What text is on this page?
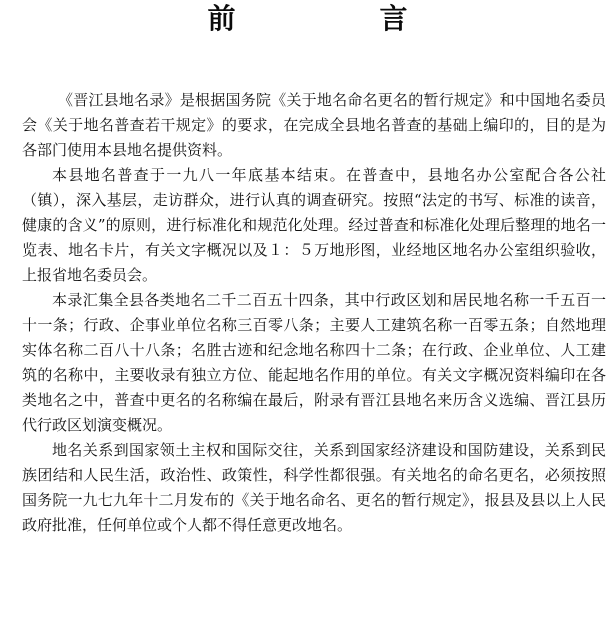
前　言

《晋江县地名录》是根据国务院《关于地名命名更名的暂行规定》和中国地名委员会《关于地名普查若干规定》的要求，在完成全县地名普查的基础上编印的，目的是为各部门使用本县地名提供资料。

本县地名普查于一九八一年底基本结束。在普查中，县地名办公室配合各公社（镇），深入基层，走访群众，进行认真的调查研究。按照“法定的书写、标准的读音，健康的含义”的原则，进行标准化和规范化处理。经过普查和标准化处理后整理的地名一览表、地名卡片，有关文字概况以及１：５万地形图，业经地区地名办公室组织验收，上报省地名委员会。

本录汇集全县各类地名二千二百五十四条，其中行政区划和居民地名称一千五百一十一条；行政、企事业单位名称三百零八条；主要人工建筑名称一百零五条；自然地理实体名称二百八十八条；名胜古迹和纪念地名称四十二条；在行政、企业单位、人工建筑的名称中，主要收录有独立方位、能起地名作用的单位。有关文字概况资料编印在各类地名之中，普查中更名的名称编在最后，附录有晋江县地名来历含义选编、晋江县历代行政区划演变概况。

地名关系到国家领土主权和国际交往，关系到国家经济建设和国防建设，关系到民族团结和人民生活，政治性、政策性，科学性都很强。有关地名的命名更名，必须按照国务院一九七九年十二月发布的《关于地名命名、更名的暂行规定》，报县及县以上人民政府批准，任何单位或个人都不得任意更改地名。
